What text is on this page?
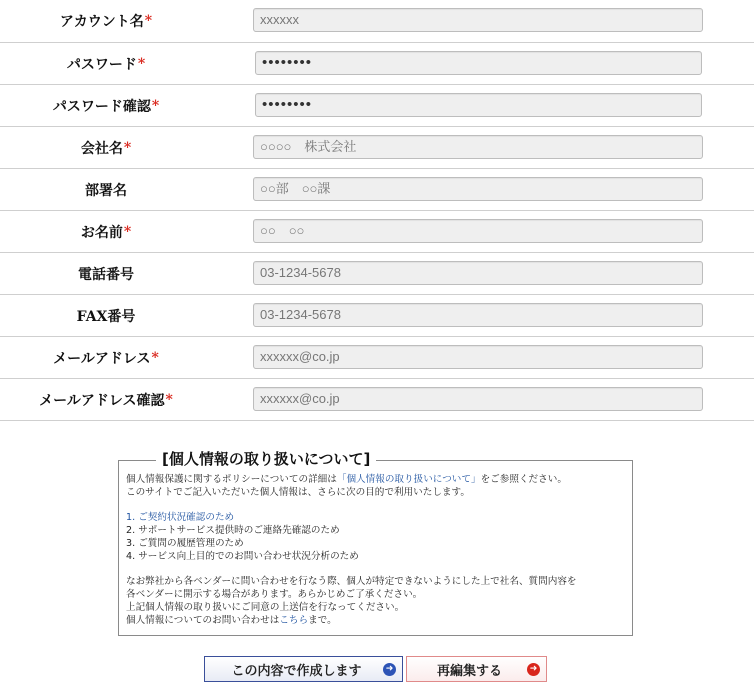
アカウント名 *	xxxxxx
パスワード *	••••••••
パスワード確認 *	••••••••
会社名 *	○○○○　株式会社
部署名	○○部　○○課
お名前 *	○○　○○
電話番号	03-1234-5678
FAX番号	03-1234-5678
メールアドレス *	xxxxxx@co.jp
メールアドレス確認 *	xxxxxx@co.jp
[個人情報の取り扱いについて]

個人情報保護に関するポリシーについての詳細は「個人情報の取り扱いについて」をご参照ください。

このサイトでご記入いただいた個人情報は、さらに次の目的で利用いたします。

1. ご契約状況確認のため

2. サポートサービス提供時のご連絡先確認のため

3. ご質問の履歴管理のため

4. サービス向上目的でのお問い合わせ状況分析のため

なお弊社から各ベンダーに問い合わせを行なう際、個人が特定できないようにした上で社名、質問内容を

各ベンダーに開示する場合があります。あらかじめご了承ください。

上記個人情報の取り扱いにご同意の上送信を行なってください。

個人情報についてのお問い合わせはこちらまで。

この内容で作成します	➜	再編集する	➜
